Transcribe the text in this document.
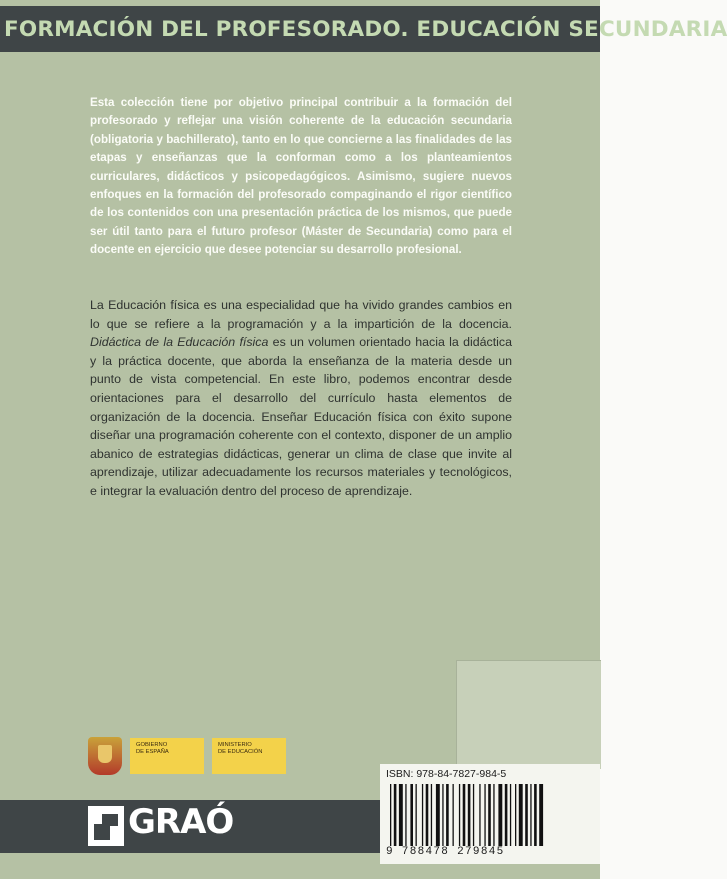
FORMACIÓN DEL PROFESORADO. EDUCACIÓN SECUNDARIA
Esta colección tiene por objetivo principal contribuir a la formación del profesorado y reflejar una visión coherente de la educación secundaria (obligatoria y bachillerato), tanto en lo que concierne a las finalidades de las etapas y enseñanzas que la conforman como a los planteamientos curriculares, didácticos y psicopedagógicos. Asimismo, sugiere nuevos enfoques en la formación del profesorado compaginando el rigor científico de los contenidos con una presentación práctica de los mismos, que puede ser útil tanto para el futuro profesor (Máster de Secundaria) como para el docente en ejercicio que desee potenciar su desarrollo profesional.
La Educación física es una especialidad que ha vivido grandes cambios en lo que se refiere a la programación y a la impartición de la docencia. Didáctica de la Educación física es un volumen orientado hacia la didáctica y la práctica docente, que aborda la enseñanza de la materia desde un punto de vista competencial. En este libro, podemos encontrar desde orientaciones para el desarrollo del currículo hasta elementos de organización de la docencia. Enseñar Educación física con éxito supone diseñar una programación coherente con el contexto, disponer de un amplio abanico de estrategias didácticas, generar un clima de clase que invite al aprendizaje, utilizar adecuadamente los recursos materiales y tecnológicos, e integrar la evaluación dentro del proceso de aprendizaje.
GOBIERNO
DE ESPAÑA
MINISTERIO
DE EDUCACIÓN
GRAÓ
ISBN: 978-84-7827-984-5
9 788478 279845
